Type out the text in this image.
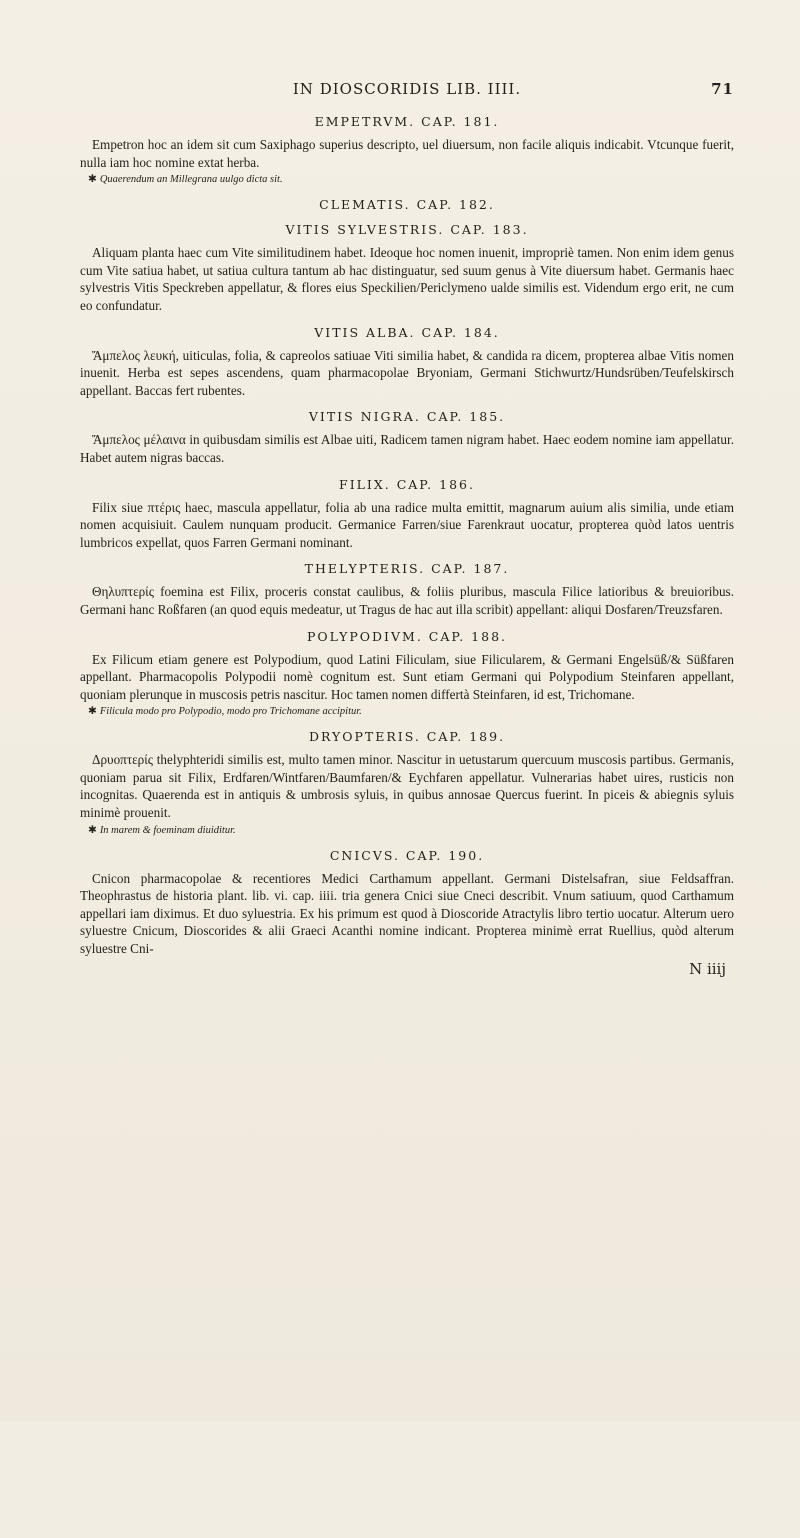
IN DIOSCORIDIS LIB. IIII.	71
EMPETRVM. CAP. 181.

Empetron hoc an idem sit cum Saxiphago superius descripto, uel diuersum, non facile aliquis indicabit. Vtcunque fuerit, nulla iam hoc nomine extat herba.

✱ Quaerendum an Millegrana uulgo dicta sit.
CLEMATIS. CAP. 182.
VITIS SYLVESTRIS. CAP. 183.

Aliquam planta haec cum Vite similitudinem habet. Ideoque hoc nomen inuenit, impropriè tamen. Non enim idem genus cum Vite satiua habet, ut satiua cultura tantum ab hac distinguatur, sed suum genus à Vite diuersum habet. Germanis haec sylvestris Vitis Speckreben appellatur, & flores eius Speckilien/Periclymeno ualde similis est. Videndum ergo erit, ne cum eo confundatur.

VITIS ALBA. CAP. 184.

Ἄμπελος λευκή, uiticulas, folia, & capreolos satiuae Viti similia habet, & candida ra dicem, propterea albae Vitis nomen inuenit. Herba est sepes ascendens, quam pharmacopolae Bryoniam, Germani Stichwurtz/Hundsrüben/Teufelskirsch appellant. Baccas fert rubentes.

VITIS NIGRA. CAP. 185.

Ἄμπελος μέλαινα in quibusdam similis est Albae uiti, Radicem tamen nigram habet. Haec eodem nomine iam appellatur. Habet autem nigras baccas.

FILIX. CAP. 186.

Filix siue πτέρις haec, mascula appellatur, folia ab una radice multa emittit, magnarum auium alis similia, unde etiam nomen acquisiuit. Caulem nunquam producit. Germanice Farren/siue Farenkraut uocatur, propterea quòd latos uentris lumbricos expellat, quos Farren Germani nominant.

THELYPTERIS. CAP. 187.

Θηλυπτερίς foemina est Filix, proceris constat caulibus, & foliis pluribus, mascula Filice latioribus & breuioribus. Germani hanc Roßfaren (an quod equis medeatur, ut Tragus de hac aut illa scribit) appellant: aliqui Dosfaren/Treuzsfaren.

POLYPODIVM. CAP. 188.

Ex Filicum etiam genere est Polypodium, quod Latini Filiculam, siue Filicularem, & Germani Engelsüß/& Süßfaren appellant. Pharmacopolis Polypodii nomè cognitum est. Sunt etiam Germani qui Polypodium Steinfaren appellant, quoniam plerunque in muscosis petris nascitur. Hoc tamen nomen differtà Steinfaren, id est, Trichomane.

✱ Filicula modo pro Polypodio, modo pro Trichomane accipitur.
DRYOPTERIS. CAP. 189.

Δρυοπτερίς thelyphteridi similis est, multo tamen minor. Nascitur in uetustarum quercuum muscosis partibus. Germanis, quoniam parua sit Filix, Erdfaren/Wintfaren/Baumfaren/& Eychfaren appellatur. Vulnerarias habet uires, rusticis non incognitas. Quaerenda est in antiquis & umbrosis syluis, in quibus annosae Quercus fuerint. In piceis & abiegnis syluis minimè prouenit.

✱ In marem & foeminam diuiditur.
CNICVS. CAP. 190.

Cnicon pharmacopolae & recentiores Medici Carthamum appellant. Germani Distelsafran, siue Feldsaffran. Theophrastus de historia plant. lib. vi. cap. iiii. tria genera Cnici siue Cneci describit. Vnum satiuum, quod Carthamum appellari iam diximus. Et duo syluestria. Ex his primum est quod à Dioscoride Atractylis libro tertio uocatur. Alterum uero syluestre Cnicum, Dioscorides & alii Graeci Acanthi nomine indicant. Propterea minimè errat Ruellius, quòd alterum syluestre Cni-

N iiij
